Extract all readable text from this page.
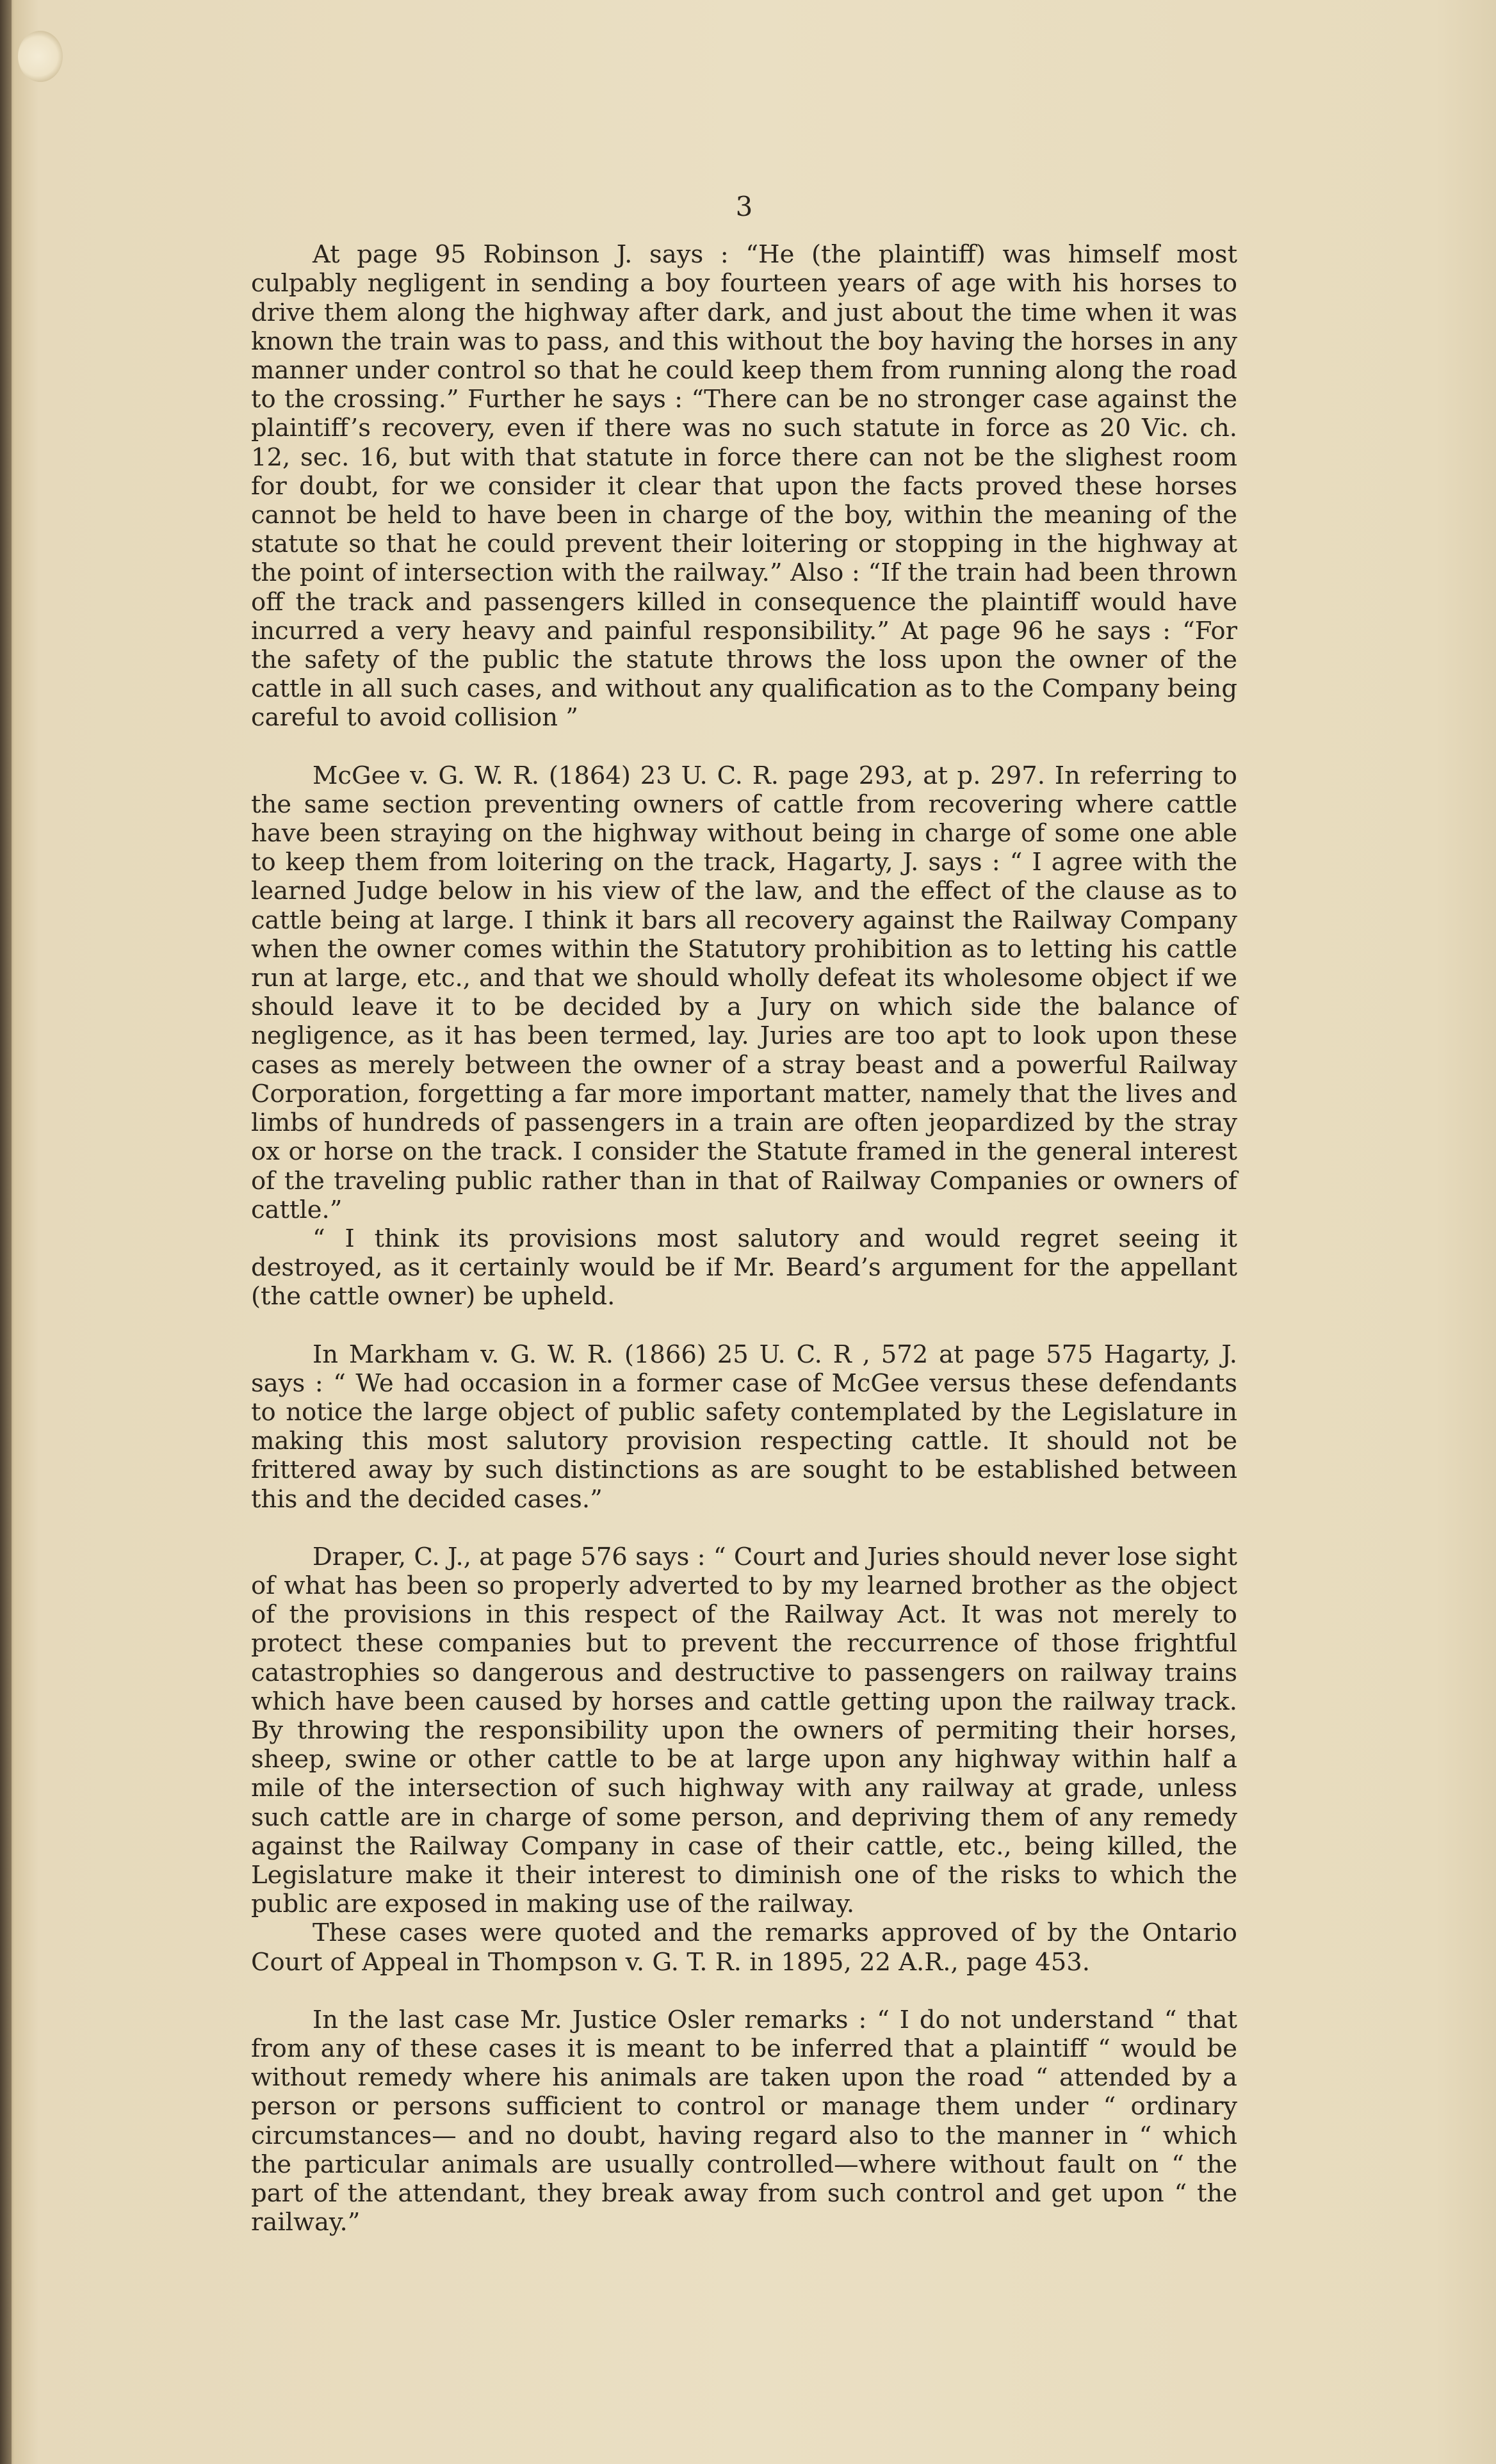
3

At page 95 Robinson J. says : “He (the plaintiff) was himself most culpably negligent in sending a boy fourteen years of age with his horses to drive them along the highway after dark, and just about the time when it was known the train was to pass, and this without the boy having the horses in any manner under control so that he could keep them from running along the road to the crossing.” Further he says : “There can be no stronger case against the plaintiff’s recovery, even if there was no such statute in force as 20 Vic. ch. 12, sec. 16, but with that statute in force there can not be the slighest room for doubt, for we consider it clear that upon the facts proved these horses cannot be held to have been in charge of the boy, within the meaning of the statute so that he could prevent their loitering or stopping in the highway at the point of intersection with the railway.” Also : “If the train had been thrown off the track and passengers killed in consequence the plaintiff would have incurred a very heavy and painful responsibility.” At page 96 he says : “For the safety of the public the statute throws the loss upon the owner of the cattle in all such cases, and without any qualification as to the Company being careful to avoid collision ”

McGee v. G. W. R. (1864) 23 U. C. R. page 293, at p. 297. In referring to the same section preventing owners of cattle from recovering where cattle have been straying on the highway without being in charge of some one able to keep them from loitering on the track, Hagarty, J. says : “ I agree with the learned Judge below in his view of the law, and the effect of the clause as to cattle being at large. I think it bars all recovery against the Railway Company when the owner comes within the Statutory prohibition as to letting his cattle run at large, etc., and that we should wholly defeat its wholesome object if we should leave it to be decided by a Jury on which side the balance of negligence, as it has been termed, lay. Juries are too apt to look upon these cases as merely between the owner of a stray beast and a powerful Railway Corporation, forgetting a far more important matter, namely that the lives and limbs of hundreds of passengers in a train are often jeopardized by the stray ox or horse on the track. I consider the Statute framed in the general interest of the traveling public rather than in that of Railway Companies or owners of cattle.”

“ I think its provisions most salutory and would regret seeing it destroyed, as it certainly would be if Mr. Beard’s argument for the appellant (the cattle owner) be upheld.

In Markham v. G. W. R. (1866) 25 U. C. R , 572 at page 575 Hagarty, J. says : “ We had occasion in a former case of McGee versus these defendants to notice the large object of public safety contemplated by the Legislature in making this most salutory provision respecting cattle. It should not be frittered away by such distinctions as are sought to be established between this and the decided cases.”

Draper, C. J., at page 576 says : “ Court and Juries should never lose sight of what has been so properly adverted to by my learned brother as the object of the provisions in this respect of the Railway Act. It was not merely to protect these companies but to prevent the reccurrence of those frightful catastrophies so dangerous and destructive to passengers on railway trains which have been caused by horses and cattle getting upon the railway track. By throwing the responsibility upon the owners of permiting their horses, sheep, swine or other cattle to be at large upon any highway within half a mile of the intersection of such highway with any railway at grade, unless such cattle are in charge of some person, and depriving them of any remedy against the Railway Company in case of their cattle, etc., being killed, the Legislature make it their interest to diminish one of the risks to which the public are exposed in making use of the railway.

These cases were quoted and the remarks approved of by the Ontario Court of Appeal in Thompson v. G. T. R. in 1895, 22 A.R., page 453.

In the last case Mr. Justice Osler remarks : “ I do not understand “ that from any of these cases it is meant to be inferred that a plaintiff “ would be without remedy where his animals are taken upon the road “ attended by a person or persons sufficient to control or manage them under “ ordinary circumstances— and no doubt, having regard also to the manner in “ which the particular animals are usually controlled—where without fault on “ the part of the attendant, they break away from such control and get upon “ the railway.”
